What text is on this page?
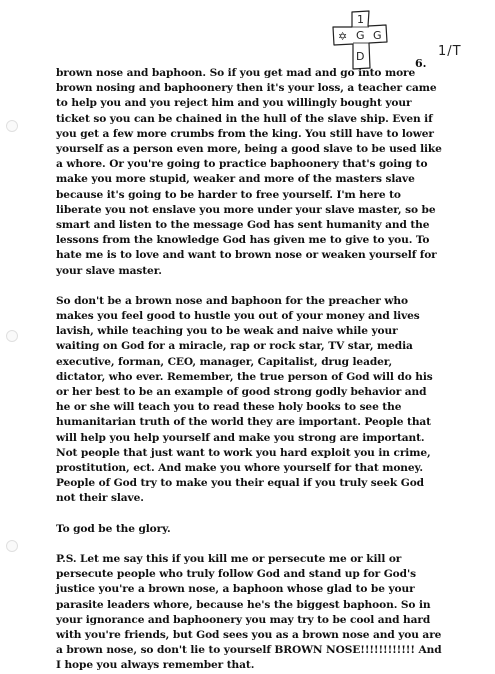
1
G
D
✡ G
1/T
6.

brown nose and baphoon. So if you get mad and go into more brown nosing and baphoonery then it's your loss, a teacher came to help you and you reject him and you willingly bought your ticket so you can be chained in the hull of the slave ship. Even if you get a few more crumbs from the king. You still have to lower yourself as a person even more, being a good slave to be used like a whore. Or you're going to practice baphoonery that's going to make you more stupid, weaker and more of the masters slave because it's going to be harder to free yourself. I'm here to liberate you not enslave you more under your slave master, so be smart and listen to the message God has sent humanity and the lessons from the knowledge God has given me to give to you. To hate me is to love and want to brown nose or weaken yourself for your slave master.

So don't be a brown nose and baphoon for the preacher who makes you feel good to hustle you out of your money and lives lavish, while teaching you to be weak and naive while your waiting on God for a miracle, rap or rock star, TV star, media executive, forman, CEO, manager, Capitalist, drug leader, dictator, who ever. Remember, the true person of God will do his or her best to be an example of good strong godly behavior and he or she will teach you to read these holy books to see the humanitarian truth of the world they are important. People that will help you help yourself and make you strong are important. Not people that just want to work you hard exploit you in crime, prostitution, ect. And make you whore yourself for that money. People of God try to make you their equal if you truly seek God not their slave.

To god be the glory.

P.S. Let me say this if you kill me or persecute me or kill or persecute people who truly follow God and stand up for God's justice you're a brown nose, a baphoon whose glad to be your parasite leaders whore, because he's the biggest baphoon. So in your ignorance and baphoonery you may try to be cool and hard with you're friends, but God sees you as a brown nose and you are a brown nose, so don't lie to yourself BROWN NOSE!!!!!!!!!!!! And I hope you always remember that.
